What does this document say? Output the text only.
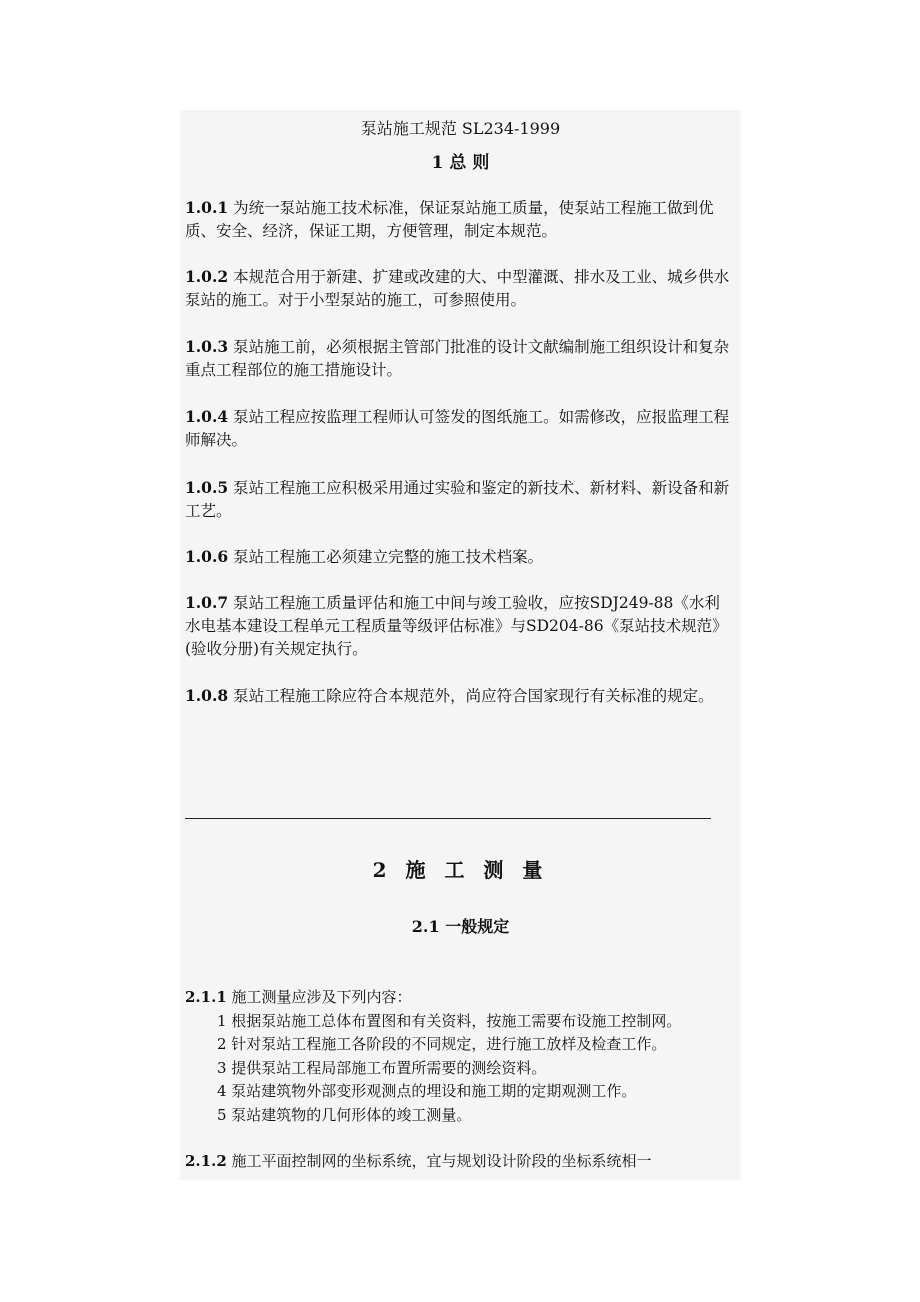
泵站施工规范 SL234-1999
1 总 则
1.0.1 为统一泵站施工技术标准，保证泵站施工质量，使泵站工程施工做到优质、安全、经济，保证工期，方便管理，制定本规范。
1.0.2 本规范合用于新建、扩建或改建的大、中型灌溉、排水及工业、城乡供水泵站的施工。对于小型泵站的施工，可参照使用。
1.0.3 泵站施工前，必须根据主管部门批准的设计文献编制施工组织设计和复杂重点工程部位的施工措施设计。
1.0.4 泵站工程应按监理工程师认可签发的图纸施工。如需修改，应报监理工程师解决。
1.0.5 泵站工程施工应积极采用通过实验和鉴定的新技术、新材料、新设备和新工艺。
1.0.6 泵站工程施工必须建立完整的施工技术档案。
1.0.7 泵站工程施工质量评估和施工中间与竣工验收，应按SDJ249-88《水利水电基本建设工程单元工程质量等级评估标准》与SD204-86《泵站技术规范》(验收分册)有关规定执行。
1.0.8 泵站工程施工除应符合本规范外，尚应符合国家现行有关标准的规定。
2 施 工 测 量
2.1 一般规定
2.1.1 施工测量应涉及下列内容：

1 根据泵站施工总体布置图和有关资料，按施工需要布设施工控制网。

2 针对泵站工程施工各阶段的不同规定，进行施工放样及检查工作。

3 提供泵站工程局部施工布置所需要的测绘资料。

4 泵站建筑物外部变形观测点的埋设和施工期的定期观测工作。

5 泵站建筑物的几何形体的竣工测量。

2.1.2 施工平面控制网的坐标系统，宜与规划设计阶段的坐标系统相一
